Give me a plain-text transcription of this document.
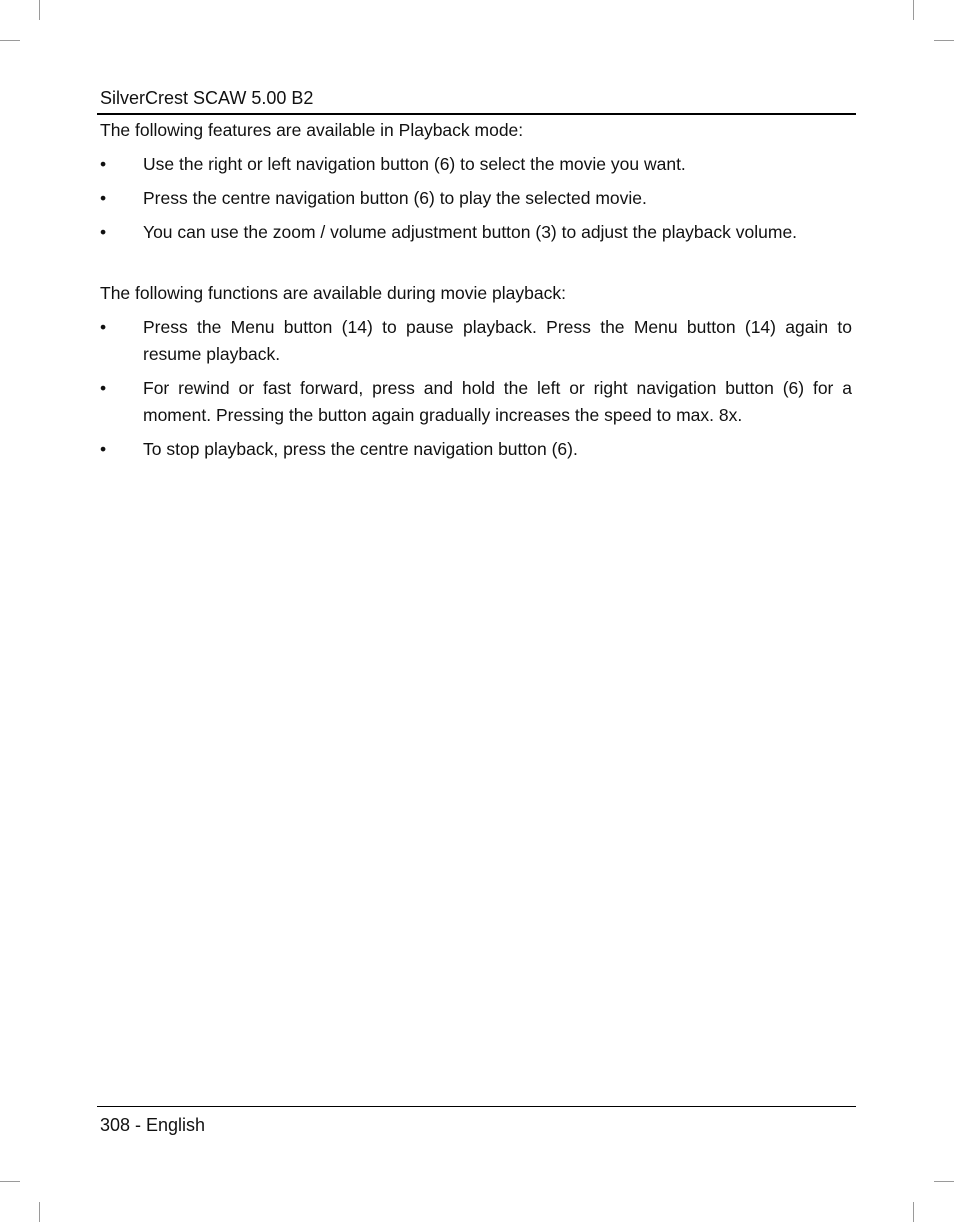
SilverCrest SCAW 5.00 B2

The following features are available in Playback mode:

• Use the right or left navigation button (6) to select the movie you want.
• Press the centre navigation button (6) to play the selected movie.
• You can use the zoom / volume adjustment button (3) to adjust the playback volume.

The following functions are available during movie playback:

• Press the Menu button (14) to pause playback. Press the Menu button (14) again to resume playback.
• For rewind or fast forward, press and hold the left or right navigation button (6) for a moment. Pressing the button again gradually increases the speed to max. 8x.
• To stop playback, press the centre navigation button (6).
308 - English
